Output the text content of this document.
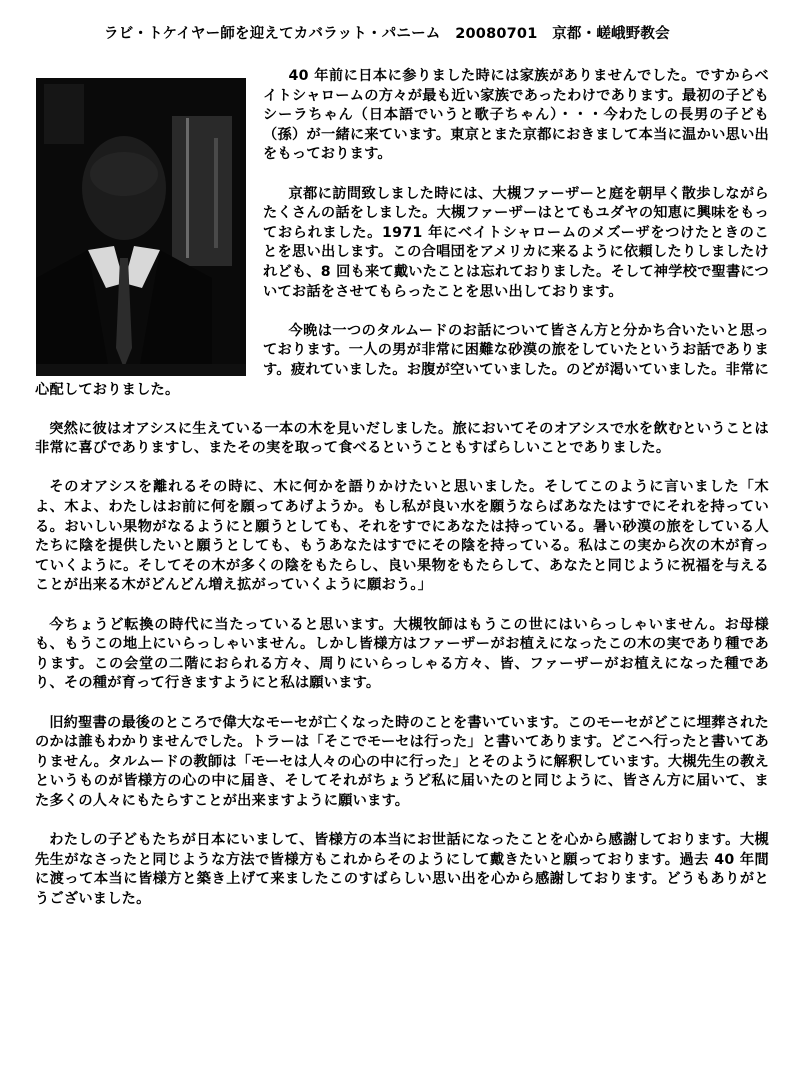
ラビ・トケイヤー師を迎えてカバラット・パニーム　20080701　京都・嵯峨野教会

40 年前に日本に参りました時には家族がありませんでした。ですからベイトシャロームの方々が最も近い家族であったわけであります。最初の子どもシーラちゃん（日本語でいうと歌子ちゃん）・・・今わたしの長男の子ども（孫）が一緒に来ています。東京とまた京都におきまして本当に温かい思い出をもっております。

京都に訪問致しました時には、大槻ファーザーと庭を朝早く散歩しながらたくさんの話をしました。大槻ファーザーはとてもユダヤの知恵に興味をもっておられました。1971 年にベイトシャロームのメズーザをつけたときのことを思い出します。この合唱団をアメリカに来るように依頼したりしましたけれども、8 回も来て戴いたことは忘れておりました。そして神学校で聖書についてお話をさせてもらったことを思い出しております。

今晩は一つのタルムードのお話について皆さん方と分かち合いたいと思っております。一人の男が非常に困難な砂漠の旅をしていたというお話であります。疲れていました。お腹が空いていました。のどが渇いていました。非常に心配しておりました。

突然に彼はオアシスに生えている一本の木を見いだしました。旅においてそのオアシスで水を飲むということは非常に喜びでありますし、またその実を取って食べるということもすばらしいことでありました。

そのオアシスを離れるその時に、木に何かを語りかけたいと思いました。そしてこのように言いました「木よ、木よ、わたしはお前に何を願ってあげようか。もし私が良い水を願うならばあなたはすでにそれを持っている。おいしい果物がなるようにと願うとしても、それをすでにあなたは持っている。暑い砂漠の旅をしている人たちに陰を提供したいと願うとしても、もうあなたはすでにその陰を持っている。私はこの実から次の木が育っていくように。そしてその木が多くの陰をもたらし、良い果物をもたらして、あなたと同じように祝福を与えることが出来る木がどんどん増え拡がっていくように願おう。」

今ちょうど転換の時代に当たっていると思います。大槻牧師はもうこの世にはいらっしゃいません。お母様も、もうこの地上にいらっしゃいません。しかし皆様方はファーザーがお植えになったこの木の実であり種であります。この会堂の二階におられる方々、周りにいらっしゃる方々、皆、ファーザーがお植えになった種であり、その種が育って行きますようにと私は願います。

旧約聖書の最後のところで偉大なモーセが亡くなった時のことを書いています。このモーセがどこに埋葬されたのかは誰もわかりませんでした。トラーは「そこでモーセは行った」と書いてあります。どこへ行ったと書いてありません。タルムードの教師は「モーセは人々の心の中に行った」とそのように解釈しています。大槻先生の教えというものが皆様方の心の中に届き、そしてそれがちょうど私に届いたのと同じように、皆さん方に届いて、また多くの人々にもたらすことが出来ますように願います。

わたしの子どもたちが日本にいまして、皆様方の本当にお世話になったことを心から感謝しております。大槻先生がなさったと同じような方法で皆様方もこれからそのようにして戴きたいと願っております。過去 40 年間に渡って本当に皆様方と築き上げて来ましたこのすばらしい思い出を心から感謝しております。どうもありがとうございました。
